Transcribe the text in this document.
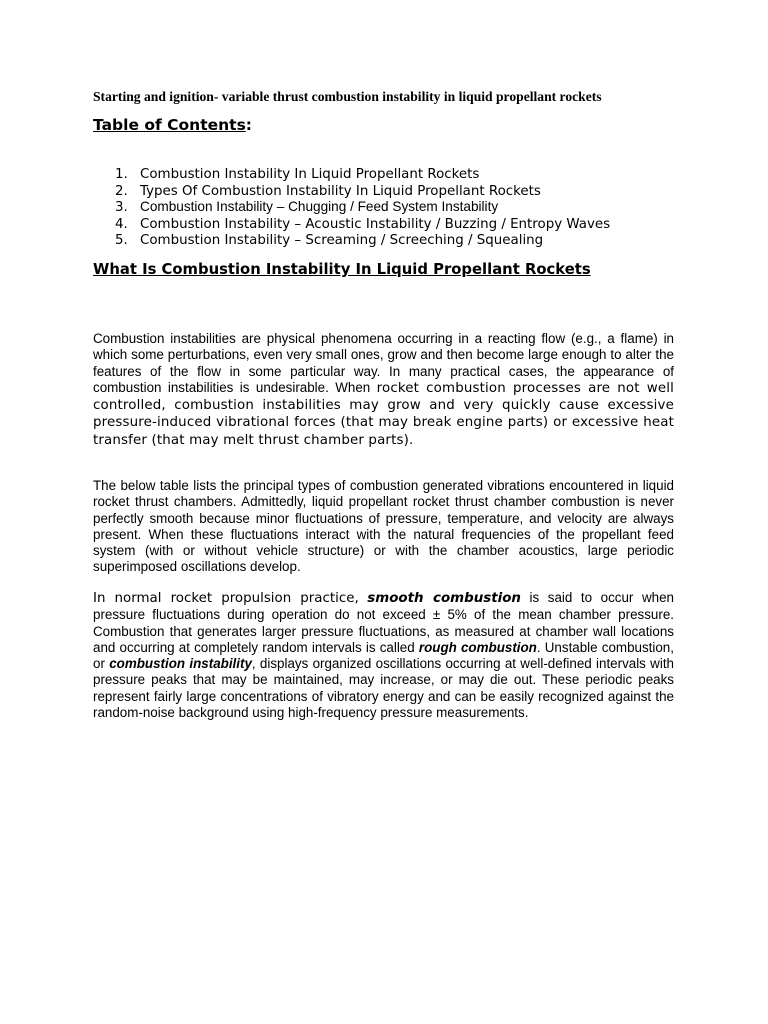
Starting and ignition- variable thrust combustion instability in liquid propellant rockets
Table of Contents:
1. Combustion Instability In Liquid Propellant Rockets
2. Types Of Combustion Instability In Liquid Propellant Rockets
3. Combustion Instability – Chugging / Feed System Instability
4. Combustion Instability – Acoustic Instability / Buzzing / Entropy Waves
5. Combustion Instability – Screaming / Screeching / Squealing
What Is Combustion Instability In Liquid Propellant Rockets

Combustion instabilities are physical phenomena occurring in a reacting flow (e.g., a flame) in which some perturbations, even very small ones, grow and then become large enough to alter the features of the flow in some particular way. In many practical cases, the appearance of combustion instabilities is undesirable. When rocket combustion processes are not well controlled, combustion instabilities may grow and very quickly cause excessive pressure-induced vibrational forces (that may break engine parts) or excessive heat transfer (that may melt thrust chamber parts).

The below table lists the principal types of combustion generated vibrations encountered in liquid rocket thrust chambers. Admittedly, liquid propellant rocket thrust chamber combustion is never perfectly smooth because minor fluctuations of pressure, temperature, and velocity are always present. When these fluctuations interact with the natural frequencies of the propellant feed system (with or without vehicle structure) or with the chamber acoustics, large periodic superimposed oscillations develop.

In normal rocket propulsion practice, smooth combustion is said to occur when pressure fluctuations during operation do not exceed ± 5% of the mean chamber pressure. Combustion that generates larger pressure fluctuations, as measured at chamber wall locations and occurring at completely random intervals is called rough combustion. Unstable combustion, or combustion instability, displays organized oscillations occurring at well-defined intervals with pressure peaks that may be maintained, may increase, or may die out. These periodic peaks represent fairly large concentrations of vibratory energy and can be easily recognized against the random-noise background using high-frequency pressure measurements.
